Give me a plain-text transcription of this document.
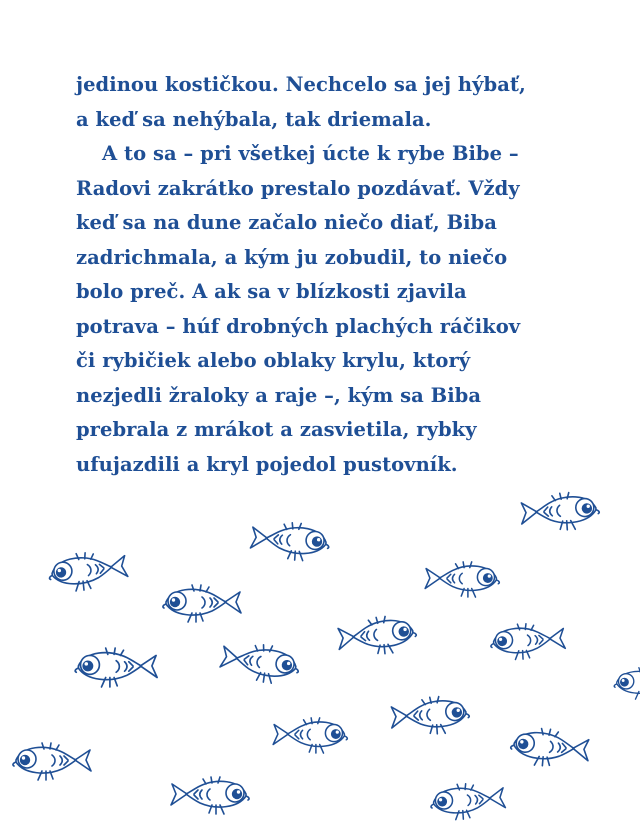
jedinou kostičkou. Nechcelo sa jej hýbať,
a keď sa nehýbala, tak driemala.
A to sa – pri všetkej úcte k rybe Bibe –
Radovi zakrátko prestalo pozdávať. Vždy
keď sa na dune začalo niečo diať, Biba
zadrichmala, a kým ju zobudil, to niečo
bolo preč. A ak sa v blízkosti zjavila
potrava – húf drobných plachých ráčikov
či rybičiek alebo oblaky krylu, ktorý
nezjedli žraloky a raje –, kým sa Biba
prebrala z mrákot a zasvietila, rybky
ufujazdili a kryl pojedol pustovník.
